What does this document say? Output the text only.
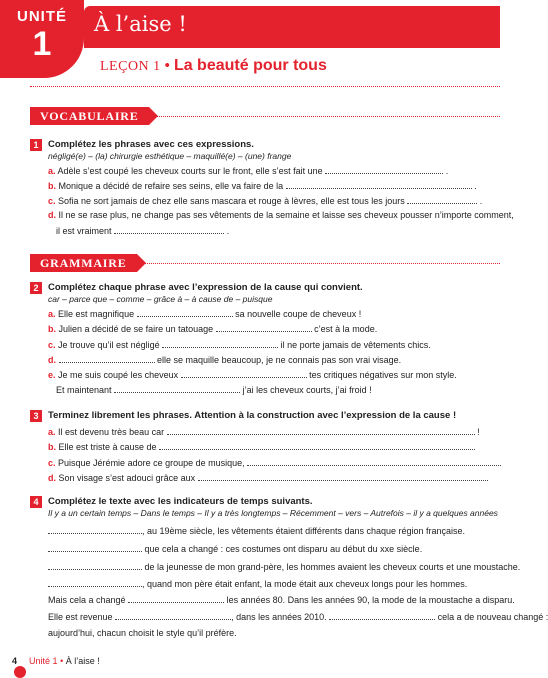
UNITÉ
1
À l’aise !
LEÇON 1 • La beauté pour tous
VOCABULAIRE
1	Complétez les phrases avec ces expressions.
négligé(e) – (la) chirurgie esthétique – maquillé(e) – (une) frange
a. Adèle s’est coupé les cheveux courts sur le front, elle s’est fait une	.
b. Monique a décidé de refaire ses seins, elle va faire de la	.
c. Sofia ne sort jamais de chez elle sans mascara et rouge à lèvres, elle est tous les jours	.
d. Il ne se rase plus, ne change pas ses vêtements de la semaine et laisse ses cheveux pousser n’importe comment,
il est vraiment	.
GRAMMAIRE
2	Complétez chaque phrase avec l’expression de la cause qui convient.
car – parce que – comme – grâce à – à cause de – puisque
a. Elle est magnifique	sa nouvelle coupe de cheveux !
b. Julien a décidé de se faire un tatouage	c’est à la mode.
c. Je trouve qu’il est négligé	il ne porte jamais de vêtements chics.
d.	elle se maquille beaucoup, je ne connais pas son vrai visage.
e. Je me suis coupé les cheveux	tes critiques négatives sur mon style.
Et maintenant	j’ai les cheveux courts, j’ai froid !
3	Terminez librement les phrases. Attention à la construction avec l’expression de la cause !
a. Il est devenu très beau car	!
b. Elle est triste à cause de
c. Puisque Jérémie adore ce groupe de musique,
d. Son visage s’est adouci grâce aux
4	Complétez le texte avec les indicateurs de temps suivants.
Il y a un certain temps – Dans le temps – Il y a très longtemps – Récemment – vers – Autrefois – il y a quelques années
, au 19ème siècle, les vêtements étaient différents dans chaque région française.
que cela a changé : ces costumes ont disparu au début du xxe siècle.
de la jeunesse de mon grand-père, les hommes avaient les cheveux courts et une moustache.
, quand mon père était enfant, la mode était aux cheveux longs pour les hommes.
Mais cela a changé	les années 80. Dans les années 90, la mode de la moustache a disparu.
Elle est revenue	, dans les années 2010.	cela a de nouveau changé :
aujourd’hui, chacun choisit le style qu’il préfère.
4 Unité 1 • À l’aise !
